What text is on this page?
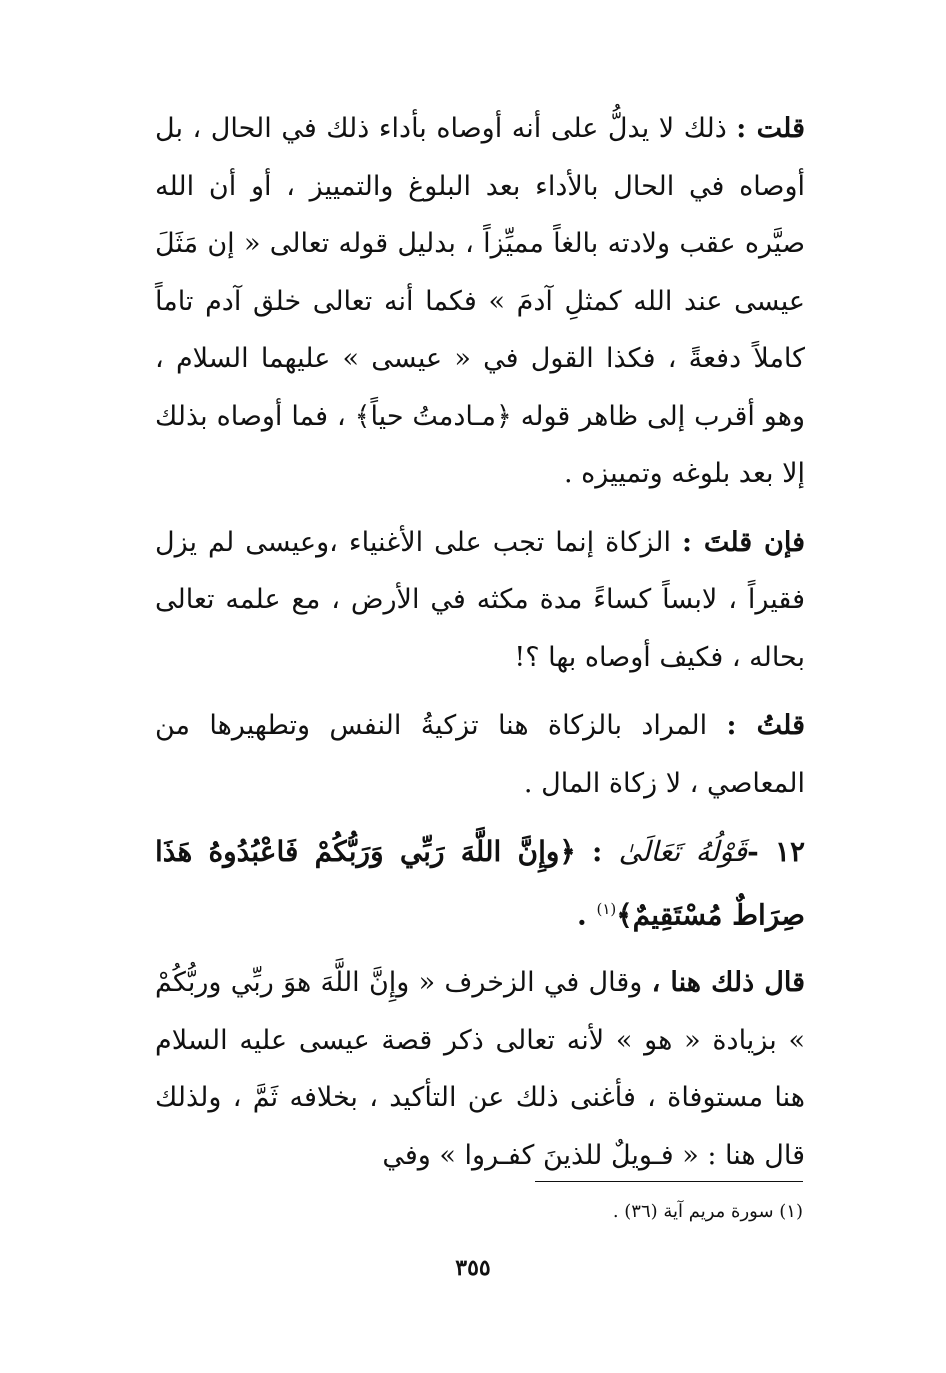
قلت : ذلك لا يدلُّ على أنه أوصاه بأداء ذلك في الحال ، بل أوصاه في الحال بالأداء بعد البلوغ والتمييز ، أو أن الله صيَّره عقب ولادته بالغاً مميِّزاً ، بدليل قوله تعالى « إن مَثَلَ عيسى عند الله كمثلِ آدمَ » فكما أنه تعالى خلق آدم تاماً كاملاً دفعةً ، فكذا القول في « عيسى » عليهما السلام ، وهو أقرب إلى ظاهر قوله ﴿مـادمتُ حياً﴾ ، فما أوصاه بذلك إلا بعد بلوغه وتمييزه .

فإن قلتَ : الزكاة إنما تجب على الأغنياء ،وعيسى لم يزل فقيراً ، لابساً كساءً مدة مكثه في الأرض ، مع علمه تعالى بحاله ، فكيف أوصاه بها ؟!

قلتُ : المراد بالزكاة هنا تزكيةُ النفس وتطهيرها من المعاصي ، لا زكاة المال .

١٢ -قَوْلُهُ تَعَالَىٰ : ﴿وإِنَّ اللَّهَ رَبِّي وَرَبُّكُمْ فَاعْبُدُوهُ هَذَا صِرَاطٌ مُسْتَقِيمٌ﴾$^{(١)}$ .

قال ذلك هنا ، وقال في الزخرف « وإِنَّ اللَّهَ هوَ ربِّي وربُّكُمْ » بزيادة « هو » لأنه تعالى ذكر قصة عيسى عليه السلام هنا مستوفاة ، فأغنى ذلك عن التأكيد ، بخلافه ثَمَّ ، ولذلك قال هنا : « فـويلٌ للذينَ كفـروا » وفي

(١) سورة مريم آية (٣٦) .
٣٥٥
